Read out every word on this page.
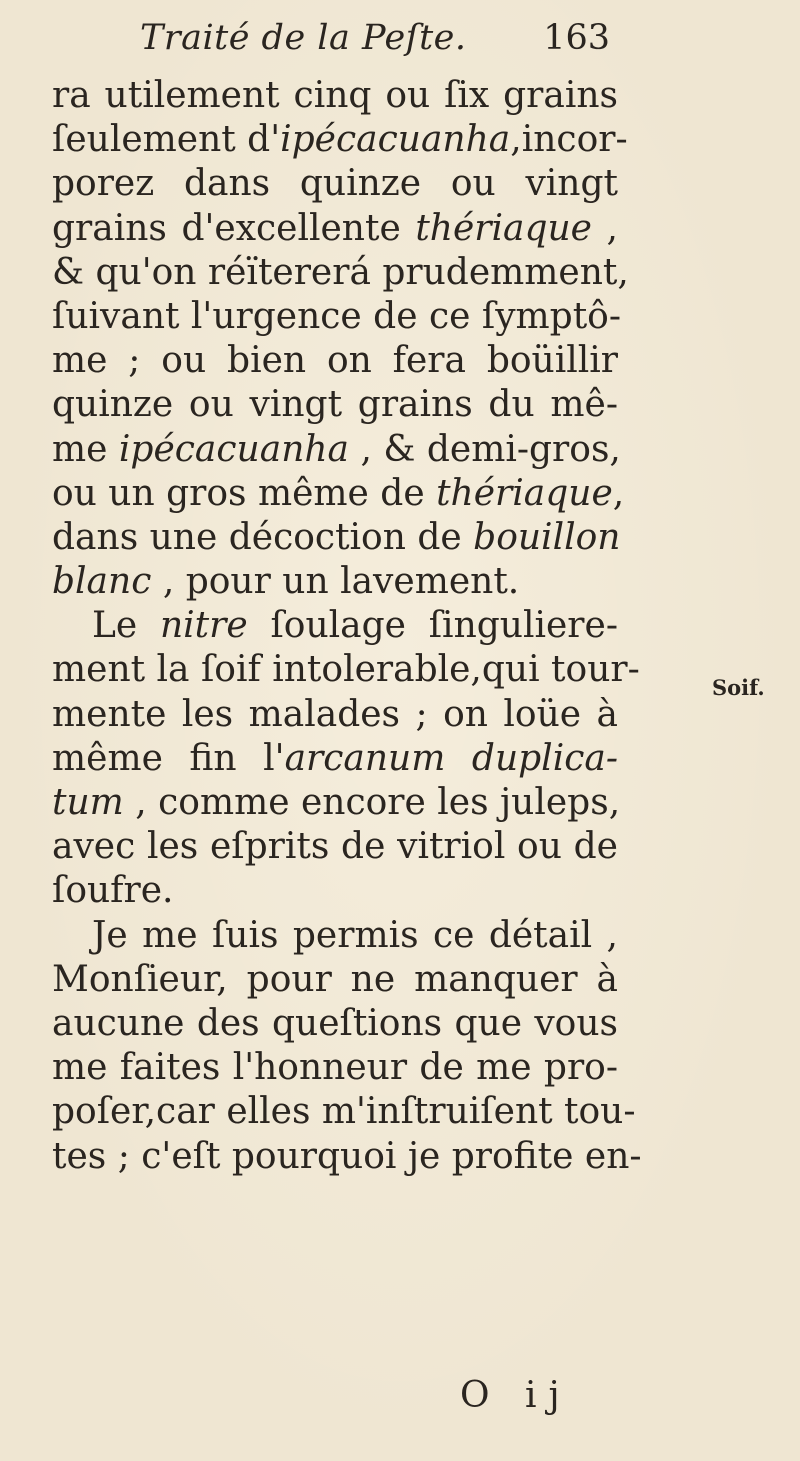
Traité de la Peſte. 163
ra utilement cinq ou ſix grains
ſeulement d'ipécacuanha,incor-
porez dans quinze ou vingt
grains d'excellente thériaque ,
& qu'on réïtererá prudemment,
ſuivant l'urgence de ce ſymptô-
me ; ou bien on fera boüillir
quinze ou vingt grains du mê-
me ipécacuanha , & demi-gros,
ou un gros même de thériaque,
dans une décoction de bouillon
blanc , pour un lavement.
Le nitre ſoulage ſinguliere-
ment la ſoif intolerable,qui tour-
mente les malades ; on loüe à
même fin l'arcanum duplica-
tum , comme encore les juleps,
avec les eſprits de vitriol ou de
ſoufre.
Je me ſuis permis ce détail ,
Monſieur, pour ne manquer à
aucune des queſtions que vous
me faites l'honneur de me pro-
poſer,car elles m'inſtruiſent tou-
tes ; c'eſt pourquoi je profite en-
Soif.
O ij
